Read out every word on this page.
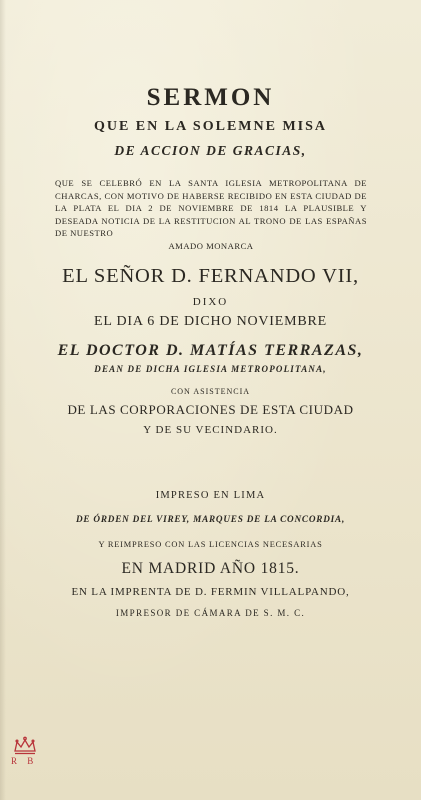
SERMON
QUE EN LA SOLEMNE MISA
DE ACCION DE GRACIAS,
QUE SE CELEBRÓ EN LA SANTA IGLESIA METROPOLITANA DE CHARCAS, CON MOTIVO DE HABERSE RECIBIDO EN ESTA CIUDAD DE LA PLATA EL DIA 2 DE NOVIEMBRE DE 1814 LA PLAUSIBLE Y DESEADA NOTICIA DE LA RESTITUCION AL TRONO DE LAS ESPAÑAS DE NUESTRO
AMADO MONARCA
EL SEÑOR D. FERNANDO VII,
DIXO
EL DIA 6 DE DICHO NOVIEMBRE
EL DOCTOR D. MATÍAS TERRAZAS,
DEAN DE DICHA IGLESIA METROPOLITANA,
CON ASISTENCIA
DE LAS CORPORACIONES DE ESTA CIUDAD
Y DE SU VECINDARIO.
IMPRESO EN LIMA
DE ÓRDEN DEL VIREY, MARQUES DE LA CONCORDIA,
Y REIMPRESO CON LAS LICENCIAS NECESARIAS
EN MADRID AÑO 1815.
EN LA IMPRENTA DE D. FERMIN VILLALPANDO,
IMPRESOR DE CÁMARA DE S. M. C.
R B
